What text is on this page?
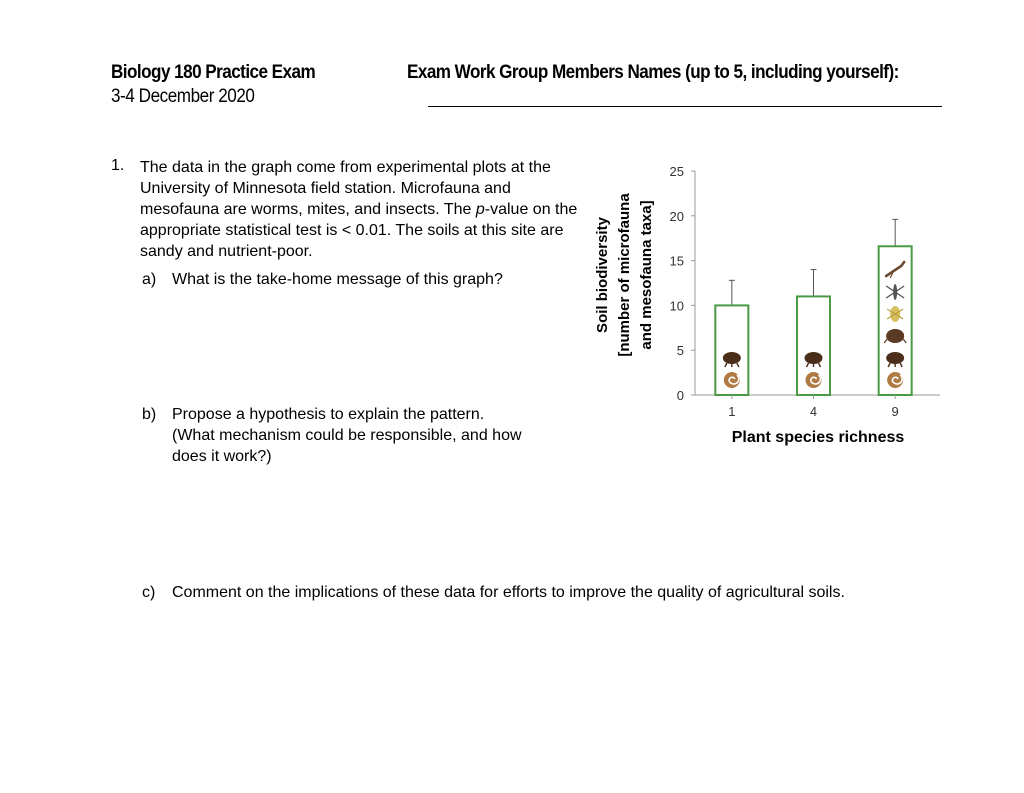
Biology 180 Practice Exam
3-4 December 2020
Exam Work Group Members Names (up to 5, including yourself):
1. The data in the graph come from experimental plots at the University of Minnesota field station. Microfauna and mesofauna are worms, mites, and insects. The p-value on the appropriate statistical test is < 0.01. The soils at this site are sandy and nutrient-poor.
a) What is the take-home message of this graph?
b) Propose a hypothesis to explain the pattern.
(What mechanism could be responsible, and how
does it work?)
c) Comment on the implications of these data for efforts to improve the quality of agricultural soils.
Soil biodiversity [number of microfauna and mesofauna taxa]
Plant species richness
0
5
10
15
20
25
1	4	9
